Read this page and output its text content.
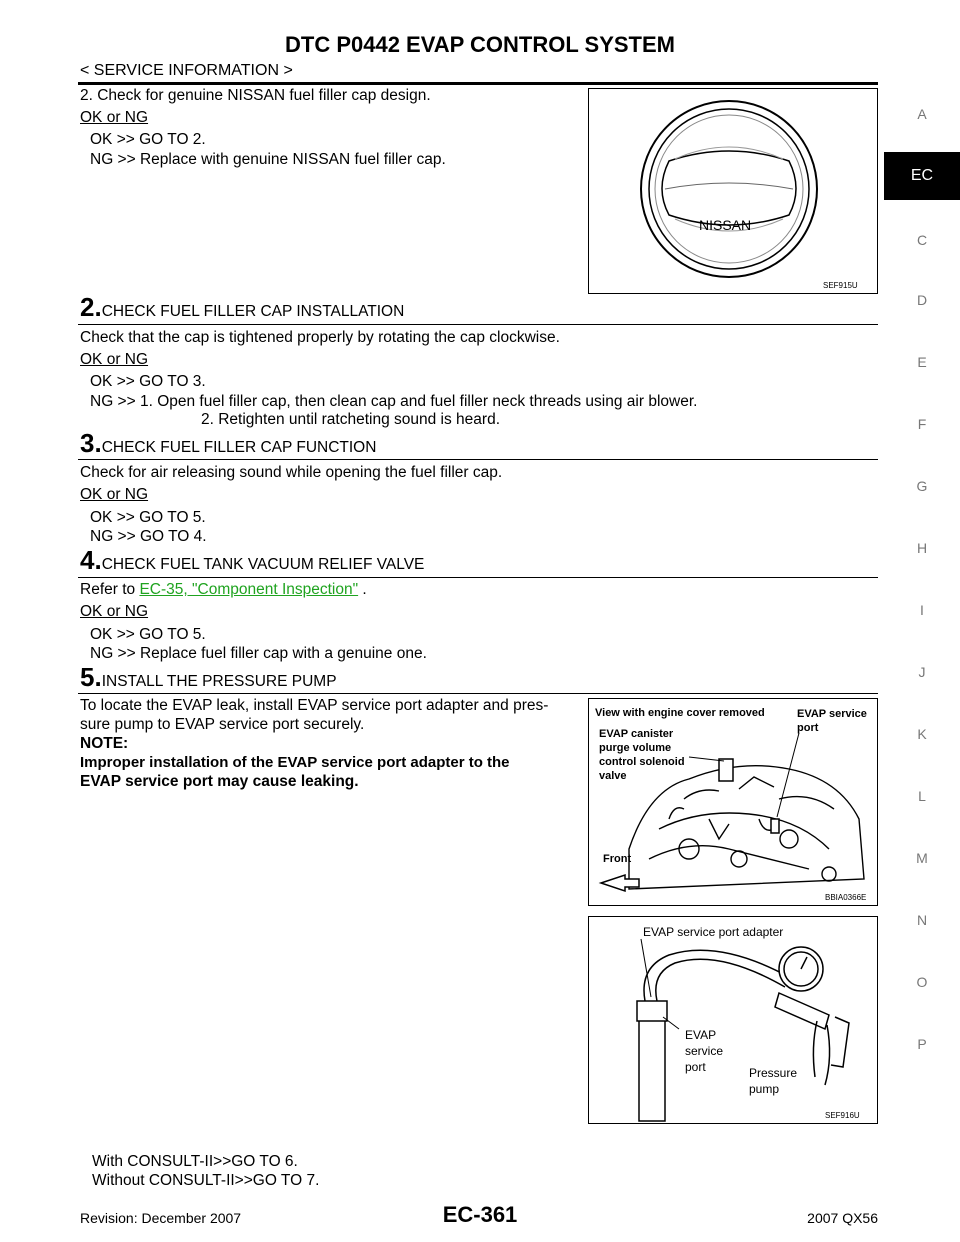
DTC P0442 EVAP CONTROL SYSTEM
< SERVICE INFORMATION >
A
EC
C
D
E
F
G
H
I
J
K
L
M
N
O
P
2. Check for genuine NISSAN fuel filler cap design.
OK or NG
OK >> GO TO 2.
NG >> Replace with genuine NISSAN fuel filler cap.
NISSAN
SEF915U
2.CHECK FUEL FILLER CAP INSTALLATION
Check that the cap is tightened properly by rotating the cap clockwise.
OK or NG
OK >> GO TO 3.
NG >> 1. Open fuel filler cap, then clean cap and fuel filler neck threads using air blower.
2. Retighten until ratcheting sound is heard.
3.CHECK FUEL FILLER CAP FUNCTION
Check for air releasing sound while opening the fuel filler cap.
OK or NG
OK >> GO TO 5.
NG >> GO TO 4.
4.CHECK FUEL TANK VACUUM RELIEF VALVE
Refer to EC-35, "Component Inspection" .
OK or NG
OK >> GO TO 5.
NG >> Replace fuel filler cap with a genuine one.
5.INSTALL THE PRESSURE PUMP
To locate the EVAP leak, install EVAP service port adapter and pres-
sure pump to EVAP service port securely.
NOTE:
Improper installation of the EVAP service port adapter to the
EVAP service port may cause leaking.
View with engine cover removed	EVAP service port
EVAP canister
purge volume
control solenoid
valve
Front
BBIA0366E
EVAP service port adapter
EVAP
service
port	Pressure
pump
SEF916U
With CONSULT-II>>GO TO 6.
Without CONSULT-II>>GO TO 7.
Revision: December 2007	EC-361	2007 QX56
